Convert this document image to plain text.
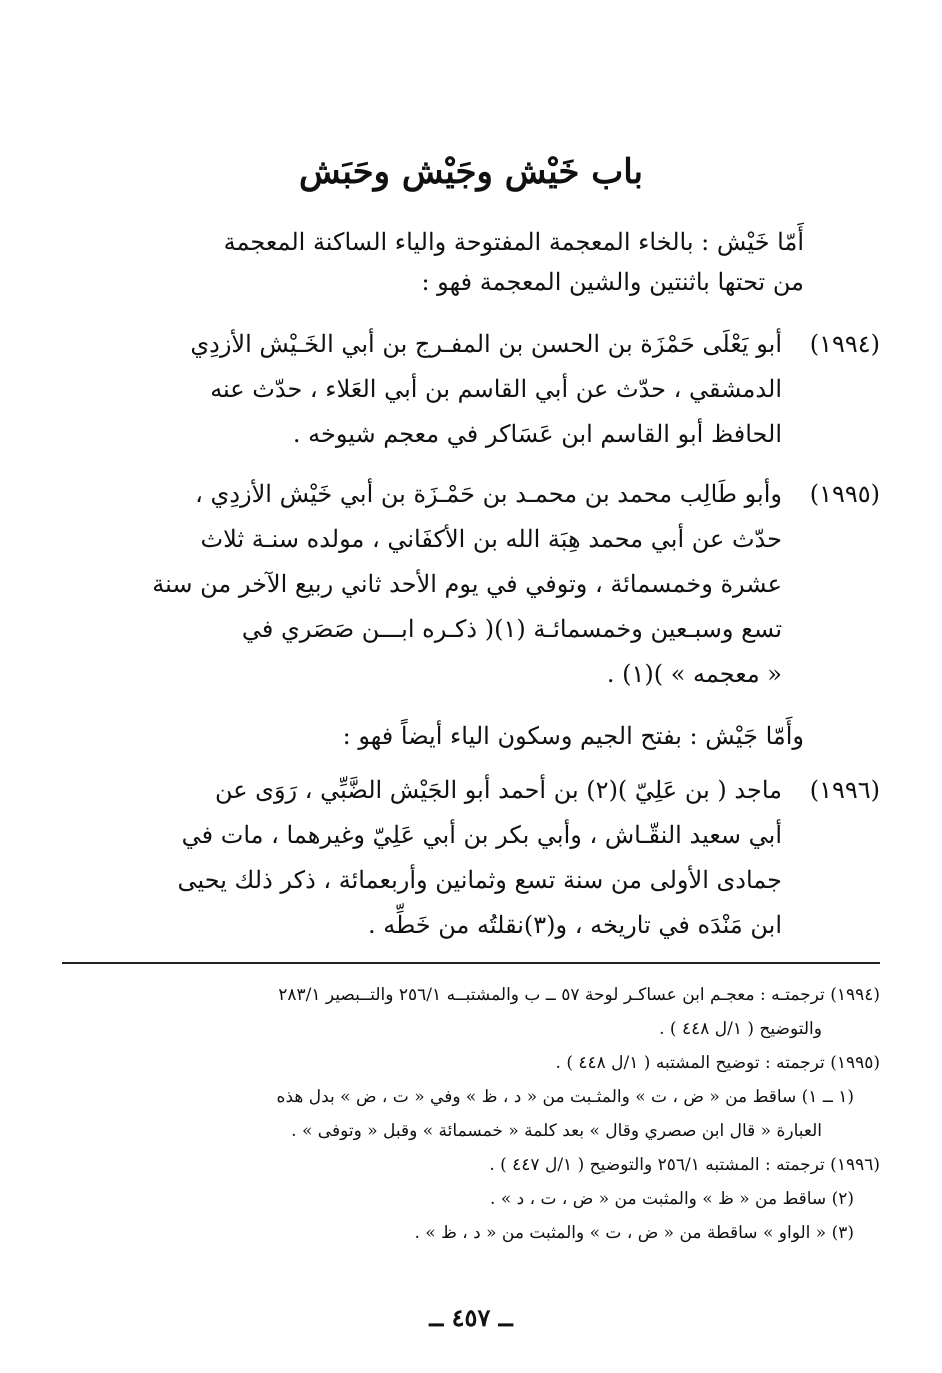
باب خَيْش وجَيْش وحَبَش
أَمّا خَيْش : بالخاء المعجمة المفتوحة والياء الساكنة المعجمة
من تحتها باثنتين والشين المعجمة فهو :
(١٩٩٤)
أبو يَعْلَى حَمْزَة بن الحسن بن المفـرج بن أبي الخَـيْش الأزدِي
الدمشقي ، حدّث عن أبي القاسم بن أبي العَلاء ، حدّث عنه
الحافظ أبو القاسم ابن عَسَاكر في معجم شيوخه .
(١٩٩٥)
وأبو طَالِب محمد بن محمـد بن حَمْـزَة بن أبي خَيْش الأزدِي ،
حدّث عن أبي محمد هِبَة الله بن الأكفَاني ، مولده سنـة ثلاث
عشرة وخمسمائة ، وتوفي في يوم الأحد ثاني ربيع الآخر من سنة
تسع وسبـعين وخمسمائـة (١)( ذكـره ابـــن صَصَري في
« معجمه » )(١) .
وأَمّا جَيْش : بفتح الجيم وسكون الياء أيضاً فهو :
(١٩٩٦)
ماجد ( بن عَلِيّ )(٢) بن أحمد أبو الجَيْش الضَّبِّي ، رَوَى عن
أبي سعيد النقّـاش ، وأبي بكر بن أبي عَلِيّ وغيرهما ، مات في
جمادى الأولى من سنة تسع وثمانين وأربعمائة ، ذكر ذلك يحيى
ابن مَنْدَه في تاريخه ، و(٣)نقلتُه من خَطِّه .
(١٩٩٤) ترجمتـه : معجـم ابن عساكـر لوحة ٥٧ ــ ب والمشتبــه ٢٥٦/١ والتــبصير ٢٨٣/١
والتوضيح ( ١/ل ٤٤٨ ) .
(١٩٩٥) ترجمته : توضيح المشتبه ( ١/ل ٤٤٨ ) .
(١ ــ ١) ساقط من « ض ، ت » والمثـبت من « د ، ظ » وفي « ت ، ض » بدل هذه
العبارة « قال ابن صصري وقال » بعد كلمة « خمسمائة » وقبل « وتوفى » .
(١٩٩٦) ترجمته : المشتبه ٢٥٦/١ والتوضيح ( ١/ل ٤٤٧ ) .
(٢) ساقط من « ظ » والمثبت من « ض ، ت ، د » .
(٣) « الواو » ساقطة من « ض ، ت » والمثبت من « د ، ظ » .
ــ ٤٥٧ ــ
